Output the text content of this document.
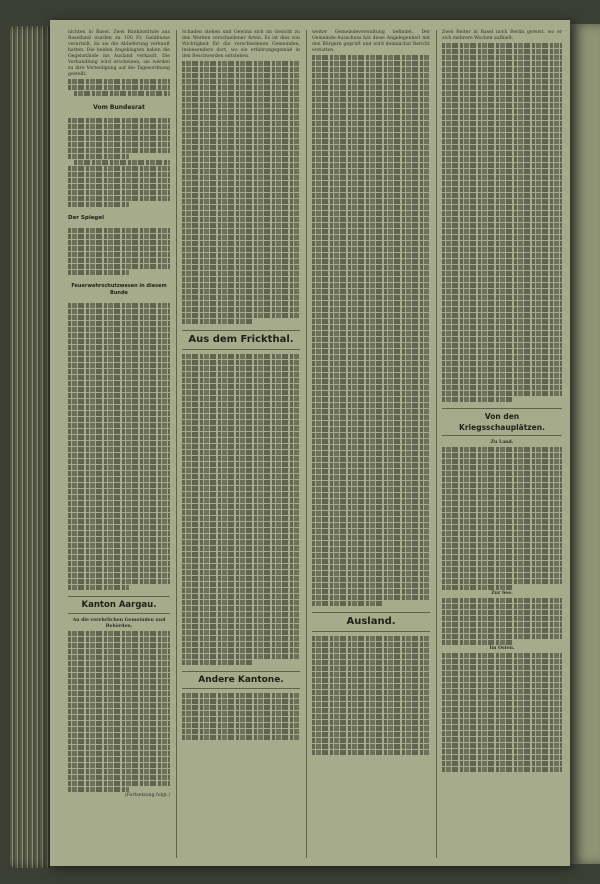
nichten in Basel. Zwei Bankinstitute aus Baselland wurden zu 100 Fr. Geldbusse verurteilt, da sie die Ablieferung verkauft hatten. Die beiden Angeklagten haben die Gegenstände ins Ausland verkauft. Die Verhandlung wird erscheinen, sie werden zu ihre Verteidigung auf die Tagesordnung gestellt.
Vom Bundesrat
Der Spiegel
Feuerwehrschutzwesen in diesem Bunde
Kanton Aargau.
An die verehrlichen Gemeinden und Behörden.
(Fortsetzung folgt.)
Schaden stehen und Gewinn sich im Gesicht zu den Werken verschiedener Arten. Es ist dies von Wichtigkeit für die verschiedenen Gemeinden, insbesondere dort, wo sie erfahrungsgemäß in den Beschwerden entstehen.
Aus dem Frickthal.
Andere Kantone.
weiter Gemeindeverwaltung befindet. Der Gemeinde-Ausschuss hat diese Angelegenheit mit den Bürgern geprüft und wird demnächst Bericht erstatten.
Ausland.
Zwei Reiter in Basel noch Berlin gereist, wo er sich mehrere Wochen aufhielt.
Von den Kriegsschauplätzen.
Zu Land.
Zur See.
Im Osten.
